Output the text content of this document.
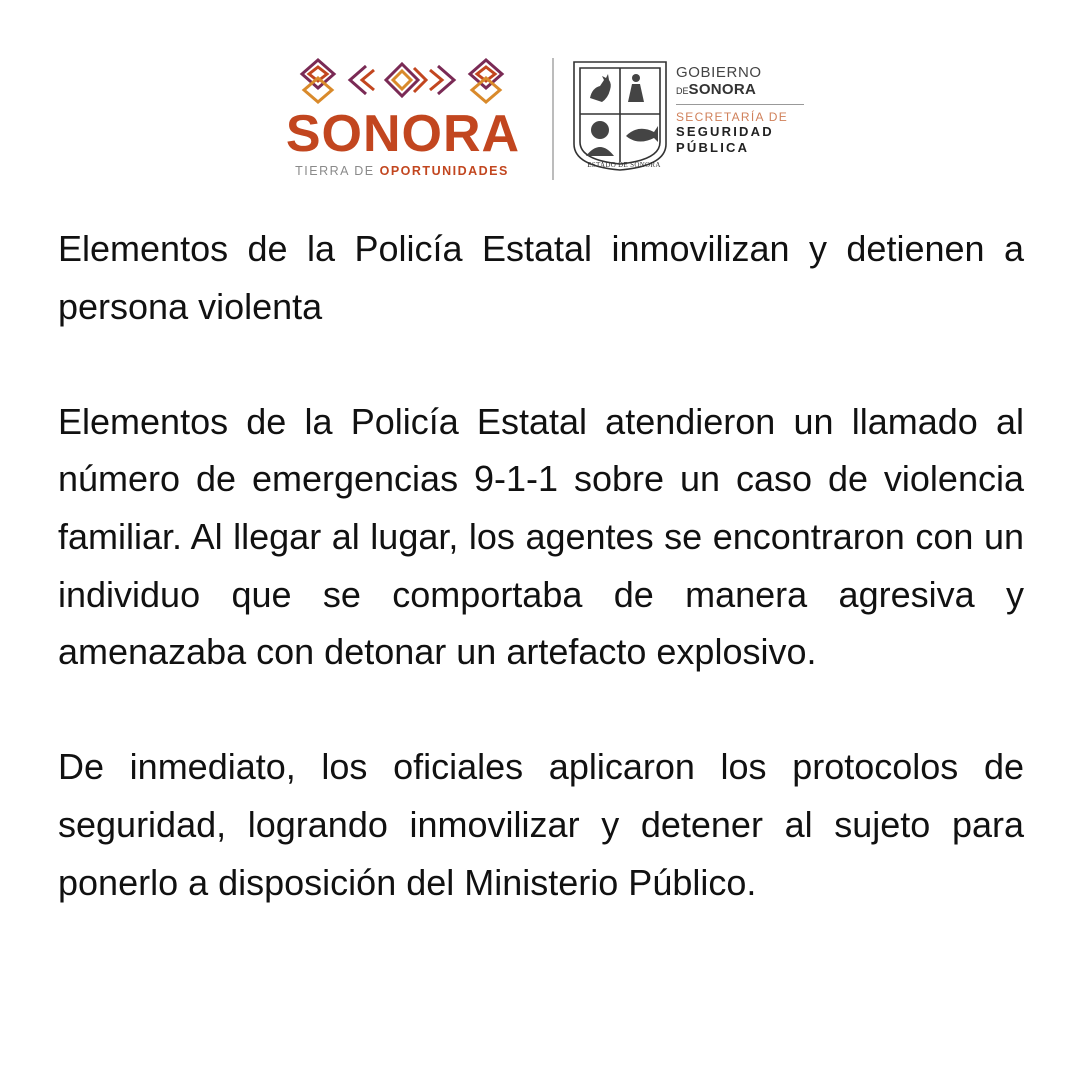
SONORA
TIERRA DE OPORTUNIDADES	ESTADO DE SONORA
GOBIERNO
DESONORA
SECRETARÍA DE
SEGURIDAD
PÚBLICA

Elementos de la Policía Estatal inmovilizan y detienen a persona violenta

Elementos de la Policía Estatal atendieron un llamado al número de emergencias 9-1-1 sobre un caso de violencia familiar. Al llegar al lugar, los agentes se encontraron con un individuo que se comportaba de manera agresiva y amenazaba con detonar un artefacto explosivo.

De inmediato, los oficiales aplicaron los protocolos de seguridad, logrando inmovilizar y detener al sujeto para ponerlo a disposición del Ministerio Público.
